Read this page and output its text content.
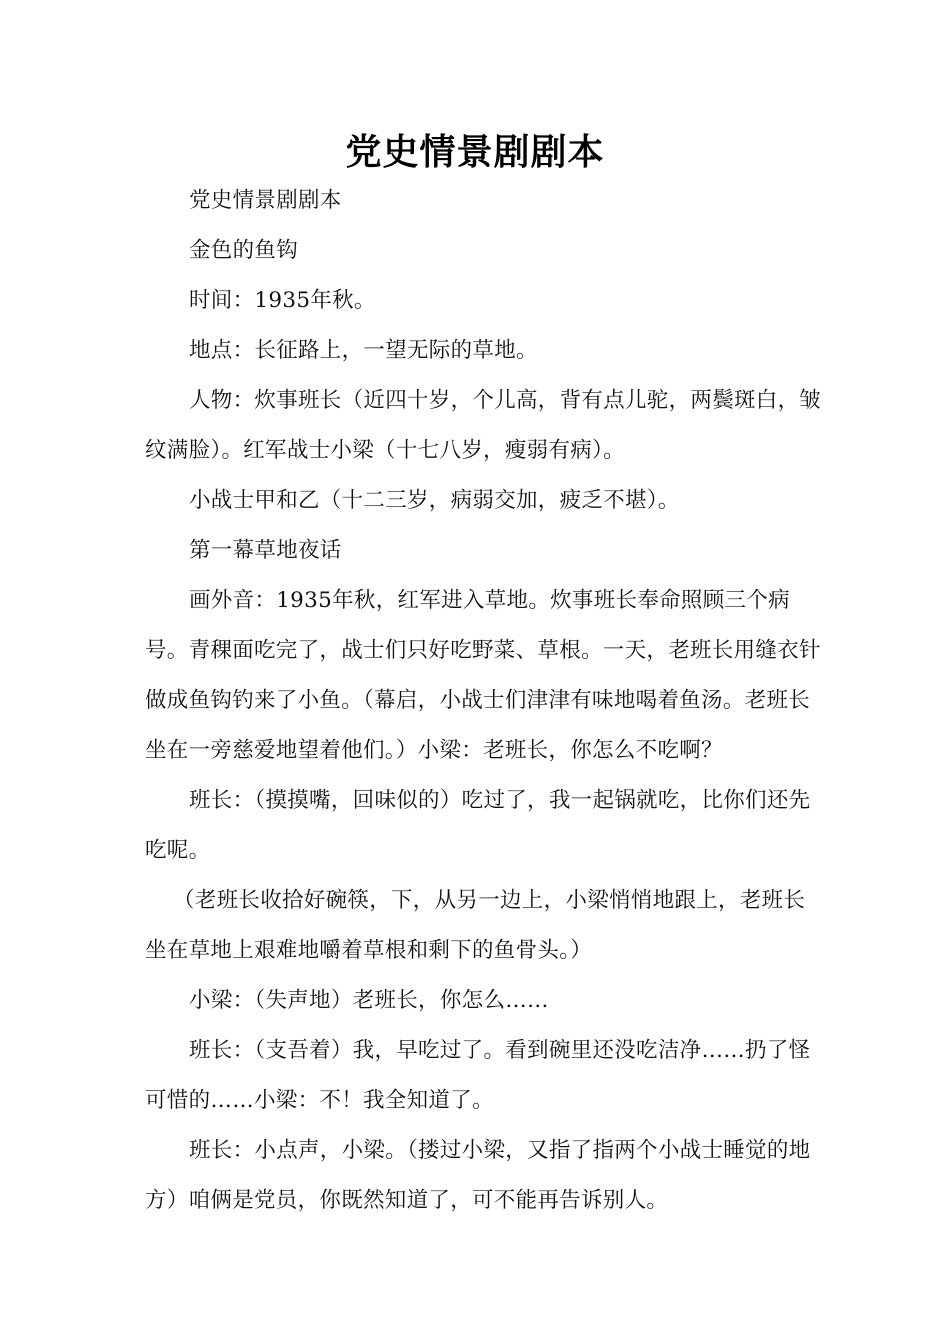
党史情景剧剧本

党史情景剧剧本

金色的鱼钩

时间：1935年秋。

地点：长征路上，一望无际的草地。

人物：炊事班长（近四十岁，个儿高，背有点儿驼，两鬓斑白，皱纹满脸）。红军战士小梁（十七八岁，瘦弱有病）。

小战士甲和乙（十二三岁，病弱交加，疲乏不堪）。

第一幕草地夜话

画外音：1935年秋，红军进入草地。炊事班长奉命照顾三个病号。青稞面吃完了，战士们只好吃野菜、草根。一天，老班长用缝衣针做成鱼钩钓来了小鱼。（幕启，小战士们津津有味地喝着鱼汤。老班长坐在一旁慈爱地望着他们。）小梁：老班长，你怎么不吃啊？

班长：（摸摸嘴，回味似的）吃过了，我一起锅就吃，比你们还先吃呢。

（老班长收拾好碗筷，下，从另一边上，小梁悄悄地跟上，老班长坐在草地上艰难地嚼着草根和剩下的鱼骨头。）

小梁：（失声地）老班长，你怎么……

班长：（支吾着）我，早吃过了。看到碗里还没吃洁净……扔了怪可惜的……小梁：不！我全知道了。

班长：小点声，小梁。（搂过小梁，又指了指两个小战士睡觉的地方）咱俩是党员，你既然知道了，可不能再告诉别人。
